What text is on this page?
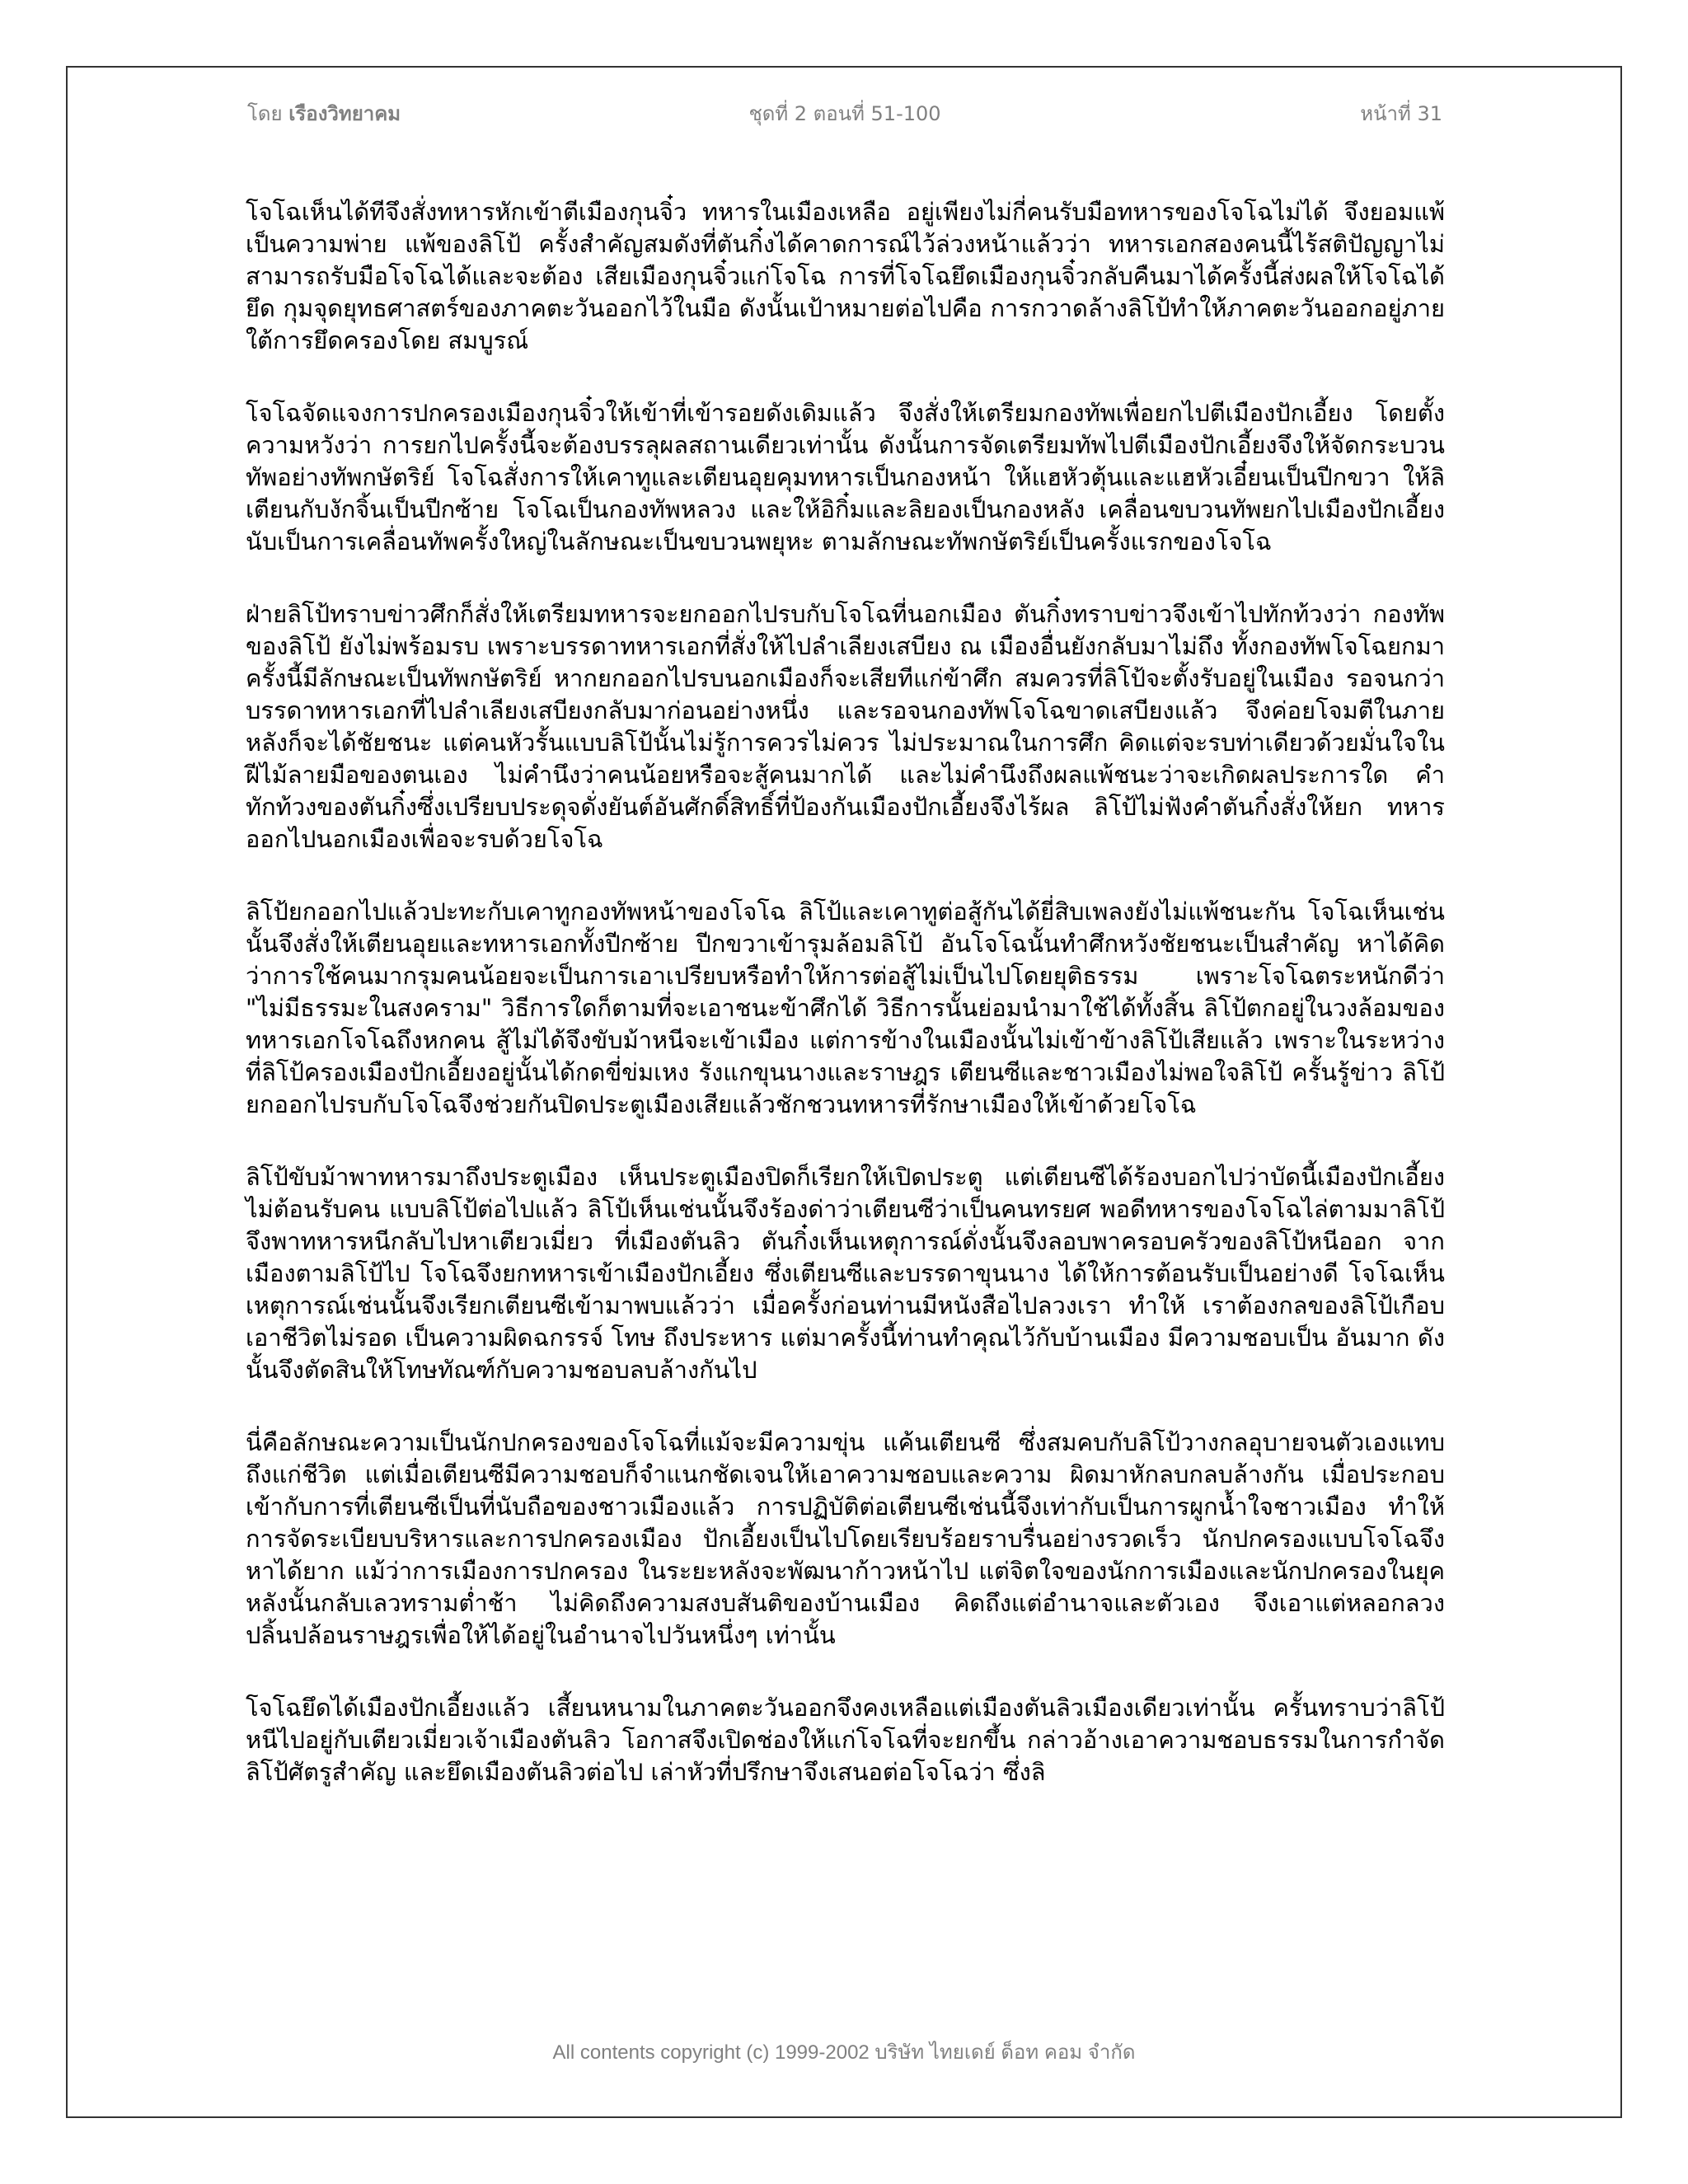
โดย เรืองวิทยาคม	ชุดที่ 2 ตอนที่ 51-100	หน้าที่ 31

โจโฉเห็นได้ทีจึงสั่งทหารหักเข้าตีเมืองกุนจิ๋ว ทหารในเมืองเหลือ อยู่เพียงไม่กี่คนรับมือทหารของโจโฉไม่ได้ จึงยอมแพ้ เป็นความพ่าย แพ้ของลิโป้ ครั้งสำคัญสมดังที่ตันกิ๋งได้คาดการณ์ไว้ล่วงหน้าแล้วว่า ทหารเอกสองคนนี้ไร้สติปัญญาไม่สามารถรับมือโจโฉได้และจะต้อง เสียเมืองกุนจิ๋วแก่โจโฉ การที่โจโฉยึดเมืองกุนจิ๋วกลับคืนมาได้ครั้งนี้ส่งผลให้โจโฉได้ยึด กุมจุดยุทธศาสตร์ของภาคตะวันออกไว้ในมือ ดังนั้นเป้าหมายต่อไปคือ การกวาดล้างลิโป้ทำให้ภาคตะวันออกอยู่ภายใต้การยึดครองโดย สมบูรณ์

โจโฉจัดแจงการปกครองเมืองกุนจิ๋วให้เข้าที่เข้ารอยดังเดิมแล้ว จึงสั่งให้เตรียมกองทัพเพื่อยกไปตีเมืองปักเอี้ยง โดยตั้งความหวังว่า การยกไปครั้งนี้จะต้องบรรลุผลสถานเดียวเท่านั้น ดังนั้นการจัดเตรียมทัพไปตีเมืองปักเอี้ยงจึงให้จัดกระบวนทัพอย่างทัพกษัตริย์ โจโฉสั่งการให้เคาทูและเตียนอุยคุมทหารเป็นกองหน้า ให้แฮหัวตุ้นและแฮหัวเอี๋ยนเป็นปีกขวา ให้ลิเตียนกับงักจิ้นเป็นปีกซ้าย โจโฉเป็นกองทัพหลวง และให้อิกิ๋มและลิยองเป็นกองหลัง เคลื่อนขบวนทัพยกไปเมืองปักเอี้ยง นับเป็นการเคลื่อนทัพครั้งใหญ่ในลักษณะเป็นขบวนพยุหะ ตามลักษณะทัพกษัตริย์เป็นครั้งแรกของโจโฉ

ฝ่ายลิโป้ทราบข่าวศึกก็สั่งให้เตรียมทหารจะยกออกไปรบกับโจโฉที่นอกเมือง ตันกิ๋งทราบข่าวจึงเข้าไปทักท้วงว่า กองทัพของลิโป้ ยังไม่พร้อมรบ เพราะบรรดาทหารเอกที่สั่งให้ไปลำเลียงเสบียง ณ เมืองอื่นยังกลับมาไม่ถึง ทั้งกองทัพโจโฉยกมาครั้งนี้มีลักษณะเป็นทัพกษัตริย์ หากยกออกไปรบนอกเมืองก็จะเสียทีแก่ข้าศึก สมควรที่ลิโป้จะตั้งรับอยู่ในเมือง รอจนกว่าบรรดาทหารเอกที่ไปลำเลียงเสบียงกลับมาก่อนอย่างหนึ่ง และรอจนกองทัพโจโฉขาดเสบียงแล้ว จึงค่อยโจมตีในภายหลังก็จะได้ชัยชนะ แต่คนหัวรั้นแบบลิโป้นั้นไม่รู้การควรไม่ควร ไม่ประมาณในการศึก คิดแต่จะรบท่าเดียวด้วยมั่นใจในฝีไม้ลายมือของตนเอง ไม่คำนึงว่าคนน้อยหรือจะสู้คนมากได้ และไม่คำนึงถึงผลแพ้ชนะว่าจะเกิดผลประการใด คำทักท้วงของตันกิ๋งซึ่งเปรียบประดุจดั่งยันต์อันศักดิ์สิทธิ์ที่ป้องกันเมืองปักเอี้ยงจึงไร้ผล ลิโป้ไม่ฟังคำตันกิ๋งสั่งให้ยก ทหารออกไปนอกเมืองเพื่อจะรบด้วยโจโฉ

ลิโป้ยกออกไปแล้วปะทะกับเคาทูกองทัพหน้าของโจโฉ ลิโป้และเคาทูต่อสู้กันได้ยี่สิบเพลงยังไม่แพ้ชนะกัน โจโฉเห็นเช่นนั้นจึงสั่งให้เตียนอุยและทหารเอกทั้งปีกซ้าย ปีกขวาเข้ารุมล้อมลิโป้ อันโจโฉนั้นทำศึกหวังชัยชนะเป็นสำคัญ หาได้คิดว่าการใช้คนมากรุมคนน้อยจะเป็นการเอาเปรียบหรือทำให้การต่อสู้ไม่เป็นไปโดยยุติธรรม เพราะโจโฉตระหนักดีว่า "ไม่มีธรรมะในสงคราม" วิธีการใดก็ตามที่จะเอาชนะข้าศึกได้ วิธีการนั้นย่อมนำมาใช้ได้ทั้งสิ้น ลิโป้ตกอยู่ในวงล้อมของทหารเอกโจโฉถึงหกคน สู้ไม่ได้จึงขับม้าหนีจะเข้าเมือง แต่การข้างในเมืองนั้นไม่เข้าข้างลิโป้เสียแล้ว เพราะในระหว่างที่ลิโป้ครองเมืองปักเอี้ยงอยู่นั้นได้กดขี่ข่มเหง รังแกขุนนางและราษฎร เตียนซีและชาวเมืองไม่พอใจลิโป้ ครั้นรู้ข่าว ลิโป้ยกออกไปรบกับโจโฉจึงช่วยกันปิดประตูเมืองเสียแล้วชักชวนทหารที่รักษาเมืองให้เข้าด้วยโจโฉ

ลิโป้ขับม้าพาทหารมาถึงประตูเมือง เห็นประตูเมืองปิดก็เรียกให้เปิดประตู แต่เตียนซีได้ร้องบอกไปว่าบัดนี้เมืองปักเอี้ยงไม่ต้อนรับคน แบบลิโป้ต่อไปแล้ว ลิโป้เห็นเช่นนั้นจึงร้องด่าว่าเตียนซีว่าเป็นคนทรยศ พอดีทหารของโจโฉไล่ตามมาลิโป้จึงพาทหารหนีกลับไปหาเตียวเมี่ยว ที่เมืองตันลิว ตันกิ๋งเห็นเหตุการณ์ดั่งนั้นจึงลอบพาครอบครัวของลิโป้หนีออก จากเมืองตามลิโป้ไป โจโฉจึงยกทหารเข้าเมืองปักเอี้ยง ซึ่งเตียนซีและบรรดาขุนนาง ได้ให้การต้อนรับเป็นอย่างดี โจโฉเห็นเหตุการณ์เช่นนั้นจึงเรียกเตียนซีเข้ามาพบแล้วว่า เมื่อครั้งก่อนท่านมีหนังสือไปลวงเรา ทำให้ เราต้องกลของลิโป้เกือบเอาชีวิตไม่รอด เป็นความผิดฉกรรจ์ โทษ ถึงประหาร แต่มาครั้งนี้ท่านทำคุณไว้กับบ้านเมือง มีความชอบเป็น อันมาก ดังนั้นจึงตัดสินให้โทษทัณฑ์กับความชอบลบล้างกันไป

นี่คือลักษณะความเป็นนักปกครองของโจโฉที่แม้จะมีความขุ่น แค้นเตียนซี ซึ่งสมคบกับลิโป้วางกลอุบายจนตัวเองแทบถึงแก่ชีวิต แต่เมื่อเตียนซีมีความชอบก็จำแนกชัดเจนให้เอาความชอบและความ ผิดมาหักลบกลบล้างกัน เมื่อประกอบเข้ากับการที่เตียนซีเป็นที่นับถือของชาวเมืองแล้ว การปฏิบัติต่อเตียนซีเช่นนี้จึงเท่ากับเป็นการผูกน้ำใจชาวเมือง ทำให้การจัดระเบียบบริหารและการปกครองเมือง ปักเอี้ยงเป็นไปโดยเรียบร้อยราบรื่นอย่างรวดเร็ว นักปกครองแบบโจโฉจึงหาได้ยาก แม้ว่าการเมืองการปกครอง ในระยะหลังจะพัฒนาก้าวหน้าไป แต่จิตใจของนักการเมืองและนักปกครองในยุคหลังนั้นกลับเลวทรามต่ำช้า ไม่คิดถึงความสงบสันติของบ้านเมือง คิดถึงแต่อำนาจและตัวเอง จึงเอาแต่หลอกลวงปลิ้นปล้อนราษฎรเพื่อให้ได้อยู่ในอำนาจไปวันหนึ่งๆ เท่านั้น

โจโฉยึดได้เมืองปักเอี้ยงแล้ว เสี้ยนหนามในภาคตะวันออกจึงคงเหลือแต่เมืองตันลิวเมืองเดียวเท่านั้น ครั้นทราบว่าลิโป้หนีไปอยู่กับเตียวเมี่ยวเจ้าเมืองตันลิว โอกาสจึงเปิดช่องให้แก่โจโฉที่จะยกขึ้น กล่าวอ้างเอาความชอบธรรมในการกำจัดลิโป้ศัตรูสำคัญ และยึดเมืองตันลิวต่อไป เล่าหัวที่ปรึกษาจึงเสนอต่อโจโฉว่า ซึ่งลิ

All contents copyright (c) 1999-2002 บริษัท ไทยเดย์ ด็อท คอม จำกัด
